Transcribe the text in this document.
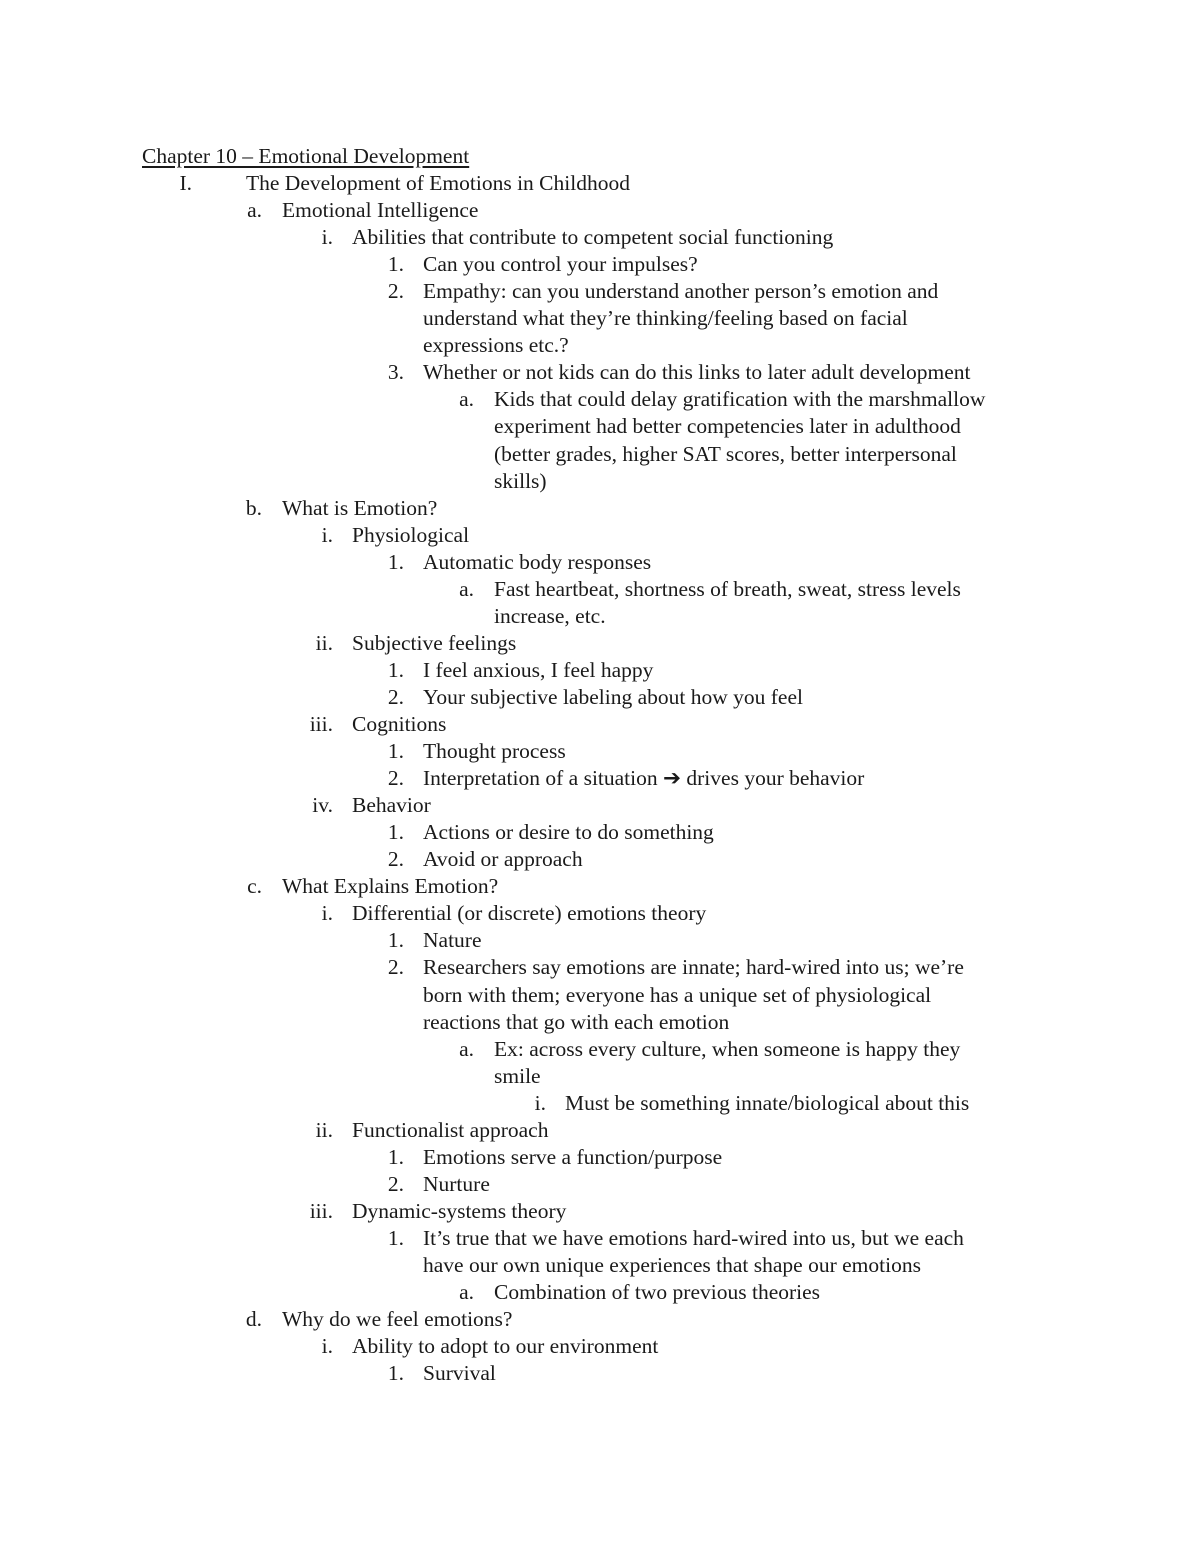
Chapter 10 – Emotional Development
I.	The Development of Emotions in Childhood
a. Emotional Intelligence
i. Abilities that contribute to competent social functioning
1. Can you control your impulses?
2. Empathy: can you understand another person’s emotion and
understand what they’re thinking/feeling based on facial
expressions etc.?
3. Whether or not kids can do this links to later adult development
a. Kids that could delay gratification with the marshmallow
experiment had better competencies later in adulthood
(better grades, higher SAT scores, better interpersonal
skills)
b. What is Emotion?
i. Physiological
1. Automatic body responses
a. Fast heartbeat, shortness of breath, sweat, stress levels
increase, etc.
ii. Subjective feelings
1. I feel anxious, I feel happy
2. Your subjective labeling about how you feel
iii. Cognitions
1. Thought process
2. Interpretation of a situation ➔ drives your behavior
iv. Behavior
1. Actions or desire to do something
2. Avoid or approach
c. What Explains Emotion?
i. Differential (or discrete) emotions theory
1. Nature
2. Researchers say emotions are innate; hard-wired into us; we’re
born with them; everyone has a unique set of physiological
reactions that go with each emotion
a. Ex: across every culture, when someone is happy they
smile
i. Must be something innate/biological about this
ii. Functionalist approach
1. Emotions serve a function/purpose
2. Nurture
iii. Dynamic-systems theory
1. It’s true that we have emotions hard-wired into us, but we each
have our own unique experiences that shape our emotions
a. Combination of two previous theories
d. Why do we feel emotions?
i. Ability to adopt to our environment
1. Survival
